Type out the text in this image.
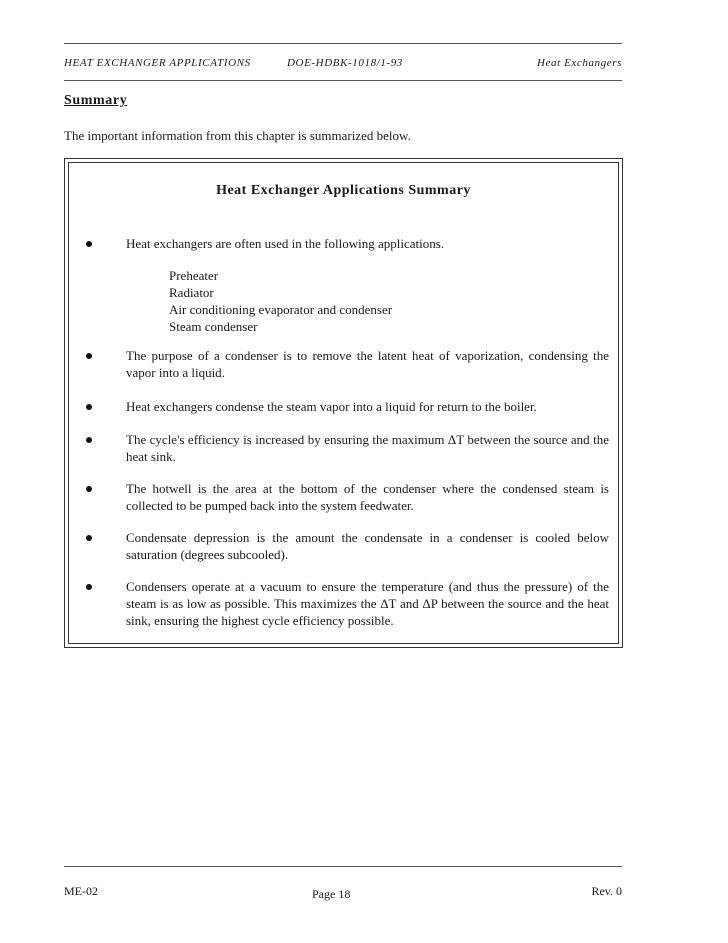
HEAT EXCHANGER APPLICATIONS	DOE-HDBK-1018/1-93	Heat Exchangers
Summary
The important information from this chapter is summarized below.
Heat Exchanger Applications Summary
Heat exchangers are often used in the following applications.
Preheater
Radiator
Air conditioning evaporator and condenser
Steam condenser
The purpose of a condenser is to remove the latent heat of vaporization, condensing the vapor into a liquid.
Heat exchangers condense the steam vapor into a liquid for return to the boiler.
The cycle's efficiency is increased by ensuring the maximum ΔT between the source and the heat sink.
The hotwell is the area at the bottom of the condenser where the condensed steam is collected to be pumped back into the system feedwater.
Condensate depression is the amount the condensate in a condenser is cooled below saturation (degrees subcooled).
Condensers operate at a vacuum to ensure the temperature (and thus the pressure) of the steam is as low as possible. This maximizes the ΔT and ΔP between the source and the heat sink, ensuring the highest cycle efficiency possible.
ME-02	Page 18	Rev. 0
